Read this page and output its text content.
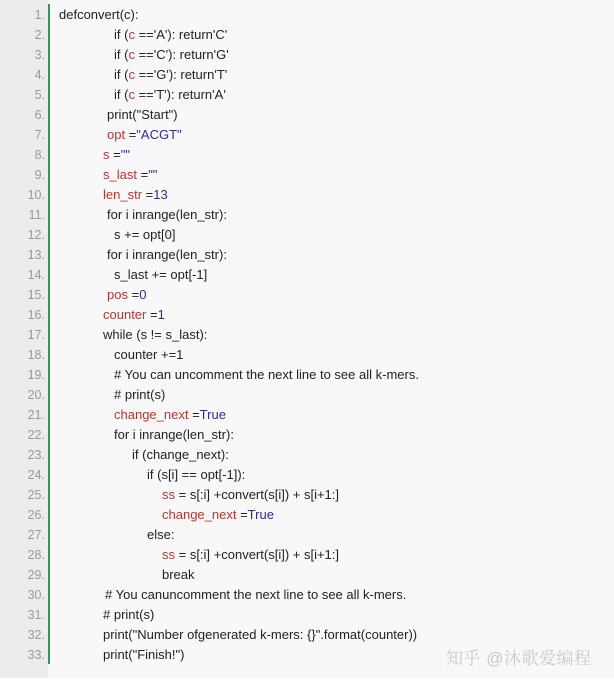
1. defconvert(c):
2.	if (c =='A'): return'C'
3.	if (c =='C'): return'G'
4.	if (c =='G'): return'T'
5.	if (c =='T'): return'A'
6.	print("Start")
7.	opt ="ACGT"
8.	s =""
9.	s_last =""
10.	len_str =13
11.	for i inrange(len_str):
12.	s += opt[0]
13.	for i inrange(len_str):
14.	s_last += opt[-1]
15.	pos =0
16.	counter =1
17.	while (s != s_last):
18.	counter +=1
19.	# You can uncomment the next line to see all k-mers.
20.	# print(s)
21.	change_next =True
22.	for i inrange(len_str):
23.	if (change_next):
24.	if (s[i] == opt[-1]):
25.	ss = s[:i] +convert(s[i]) + s[i+1:]
26.	change_next =True
27.	else:
28.	ss = s[:i] +convert(s[i]) + s[i+1:]
29.	break
30.	# You canuncomment the next line to see all k-mers.
31.	# print(s)
32.	print("Number ofgenerated k-mers: {}".format(counter))
33.	print("Finish!")	知乎 @沐歌爱编程
